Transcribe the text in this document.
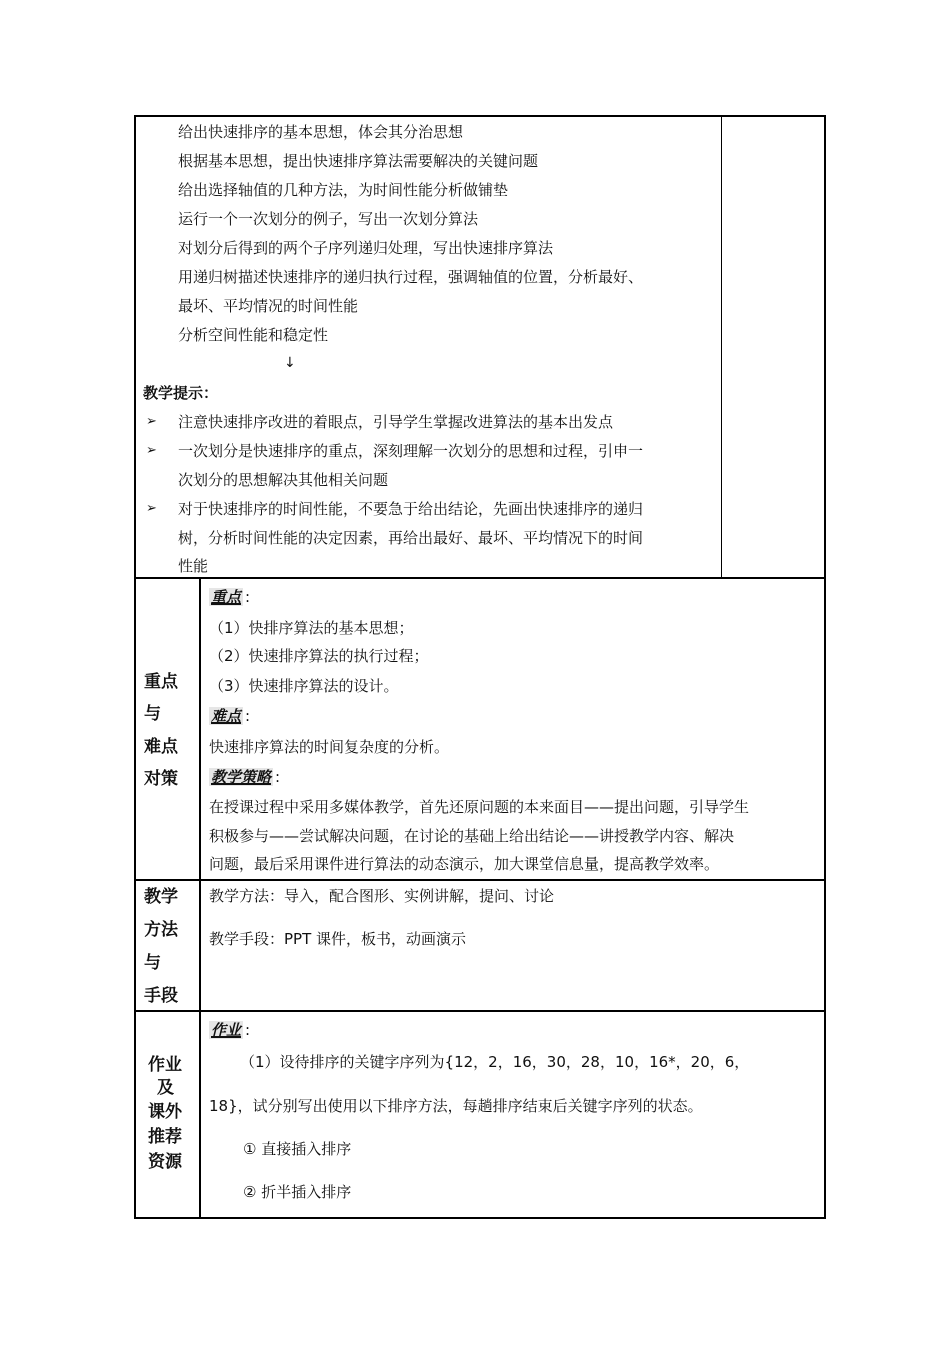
给出快速排序的基本思想，体会其分治思想
根据基本思想，提出快速排序算法需要解决的关键问题
给出选择轴值的几种方法，为时间性能分析做铺垫
运行一个一次划分的例子，写出一次划分算法
对划分后得到的两个子序列递归处理，写出快速排序算法
用递归树描述快速排序的递归执行过程，强调轴值的位置，分析最好、
最坏、平均情况的时间性能
分析空间性能和稳定性
↓
教学提示：
➢ 注意快速排序改进的着眼点，引导学生掌握改进算法的基本出发点
➢ 一次划分是快速排序的重点，深刻理解一次划分的思想和过程，引申一
次划分的思想解决其他相关问题
➢ 对于快速排序的时间性能，不要急于给出结论，先画出快速排序的递归
树，分析时间性能的决定因素，再给出最好、最坏、平均情况下的时间
性能
重点
与
难点
对策
重点 :
（1）快排序算法的基本思想；
（2）快速排序算法的执行过程；
（3）快速排序算法的设计。
难点 :
快速排序算法的时间复杂度的分析。
教学策略 :
在授课过程中采用多媒体教学，首先还原问题的本来面目——提出问题，引导学生
积极参与——尝试解决问题，在讨论的基础上给出结论——讲授教学内容、解决
问题，最后采用课件进行算法的动态演示，加大课堂信息量，提高教学效率。
教学
方法
与
手段
教学方法：导入，配合图形、实例讲解，提问、讨论
教学手段：PPT 课件，板书，动画演示
作业
及
课外
推荐
资源
作业 :
（1）设待排序的关键字序列为{12，2，16，30，28，10，16*，20，6，
18}，试分别写出使用以下排序方法，每趟排序结束后关键字序列的状态。
① 直接插入排序
② 折半插入排序
